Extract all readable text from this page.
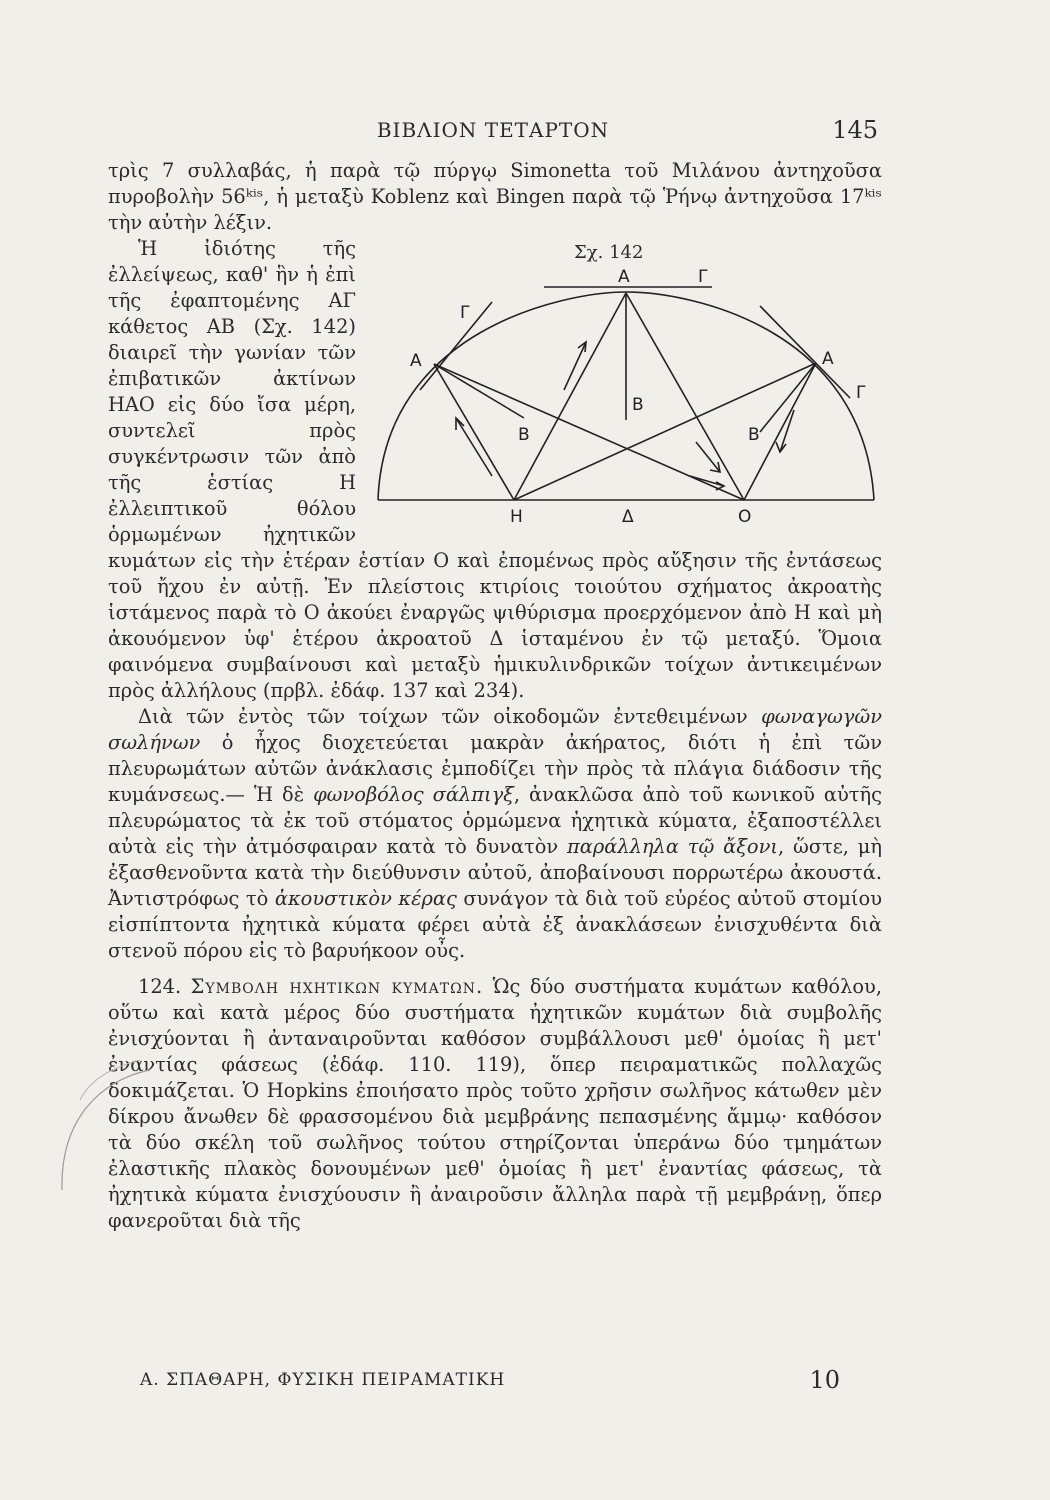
ΒΙΒΛΙΟΝ ΤΕΤΑΡΤΟΝ	145

τρὶς 7 συλλαβάς, ἡ παρὰ τῷ πύργῳ Simonetta τοῦ Μιλάνου ἀντηχοῦσα πυροβολὴν 56ᵏⁱˢ, ἡ μεταξὺ Koblenz καὶ Bingen παρὰ τῷ Ῥήνῳ ἀντηχοῦσα 17ᵏⁱˢ τὴν αὐτὴν λέξιν.

Σχ. 142
Α	Γ
Γ
Α	Α
Γ
Β
Β	Β
Η	Δ	Ο

Ἡ ἰδιότης τῆς ἐλλείψεως, καθ' ἣν ἡ ἐπὶ τῆς ἐφαπτομένης ΑΓ κάθετος ΑΒ (Σχ. 142) διαιρεῖ τὴν γωνίαν τῶν ἐπιβατικῶν ἀκτίνων ΗΑΟ εἰς δύο ἴσα μέρη, συντελεῖ πρὸς συγκέντρωσιν τῶν ἀπὸ τῆς ἑστίας Η ἐλλειπτικοῦ θόλου ὁρμωμένων ἠχητικῶν κυμάτων εἰς τὴν ἑτέραν ἑστίαν Ο καὶ ἐπομένως πρὸς αὔξησιν τῆς ἐντάσεως τοῦ ἤχου ἐν αὐτῇ. Ἐν πλείστοις κτιρίοις τοιούτου σχήματος ἀκροατὴς ἱστάμενος παρὰ τὸ Ο ἀκούει ἐναργῶς ψιθύρισμα προερχόμενον ἀπὸ Η καὶ μὴ ἀκουόμενον ὑφ' ἑτέρου ἀκροατοῦ Δ ἱσταμένου ἐν τῷ μεταξύ. Ὅμοια φαινόμενα συμβαίνουσι καὶ μεταξὺ ἡμικυλινδρικῶν τοίχων ἀντικειμένων πρὸς ἀλλήλους (πρβλ. ἐδάφ. 137 καὶ 234).

Διὰ τῶν ἐντὸς τῶν τοίχων τῶν οἰκοδομῶν ἐντεθειμένων φωναγωγῶν σωλήνων ὁ ἦχος διοχετεύεται μακρὰν ἀκήρατος, διότι ἡ ἐπὶ τῶν πλευρωμάτων αὐτῶν ἀνάκλασις ἐμποδίζει τὴν πρὸς τὰ πλάγια διάδοσιν τῆς κυμάνσεως.— Ἡ δὲ φωνοβόλος σάλπιγξ, ἀνακλῶσα ἀπὸ τοῦ κωνικοῦ αὐτῆς πλευρώματος τὰ ἐκ τοῦ στόματος ὁρμώμενα ἠχητικὰ κύματα, ἐξαποστέλλει αὐτὰ εἰς τὴν ἀτμόσφαιραν κατὰ τὸ δυνατὸν παράλληλα τῷ ἄξονι, ὥστε, μὴ ἐξασθενοῦντα κατὰ τὴν διεύθυνσιν αὐτοῦ, ἀποβαίνουσι πορρωτέρω ἀκουστά. Ἀντιστρόφως τὸ ἀκουστικὸν κέρας συνάγον τὰ διὰ τοῦ εὐρέος αὐτοῦ στομίου εἰσπίπτοντα ἠχητικὰ κύματα φέρει αὐτὰ ἐξ ἀνακλάσεων ἐνισχυθέντα διὰ στενοῦ πόρου εἰς τὸ βαρυήκοον οὖς.

124. Συμβολη ηχητικων κυματων. Ὡς δύο συστήματα κυμάτων καθόλου, οὕτω καὶ κατὰ μέρος δύο συστήματα ἠχητικῶν κυμάτων διὰ συμβολῆς ἐνισχύονται ἢ ἀνταναιροῦνται καθόσον συμβάλλουσι μεθ' ὁμοίας ἢ μετ' ἐναντίας φάσεως (ἐδάφ. 110. 119), ὅπερ πειραματικῶς πολλαχῶς δοκιμάζεται. Ὁ Hopkins ἐποιήσατο πρὸς τοῦτο χρῆσιν σωλῆνος κάτωθεν μὲν δίκρου ἄνωθεν δὲ φρασσομένου διὰ μεμβράνης πεπασμένης ἄμμῳ· καθόσον τὰ δύο σκέλη τοῦ σωλῆνος τούτου στηρίζονται ὑπεράνω δύο τμημάτων ἐλαστικῆς πλακὸς δονουμένων μεθ' ὁμοίας ἢ μετ' ἐναντίας φάσεως, τὰ ἠχητικὰ κύματα ἐνισχύουσιν ἢ ἀναιροῦσιν ἄλληλα παρὰ τῇ μεμβράνῃ, ὅπερ φανεροῦται διὰ τῆς

Α. ΣΠΑΘΑΡΗ, ΦΥΣΙΚΗ ΠΕΙΡΑΜΑΤΙΚΗ	10
